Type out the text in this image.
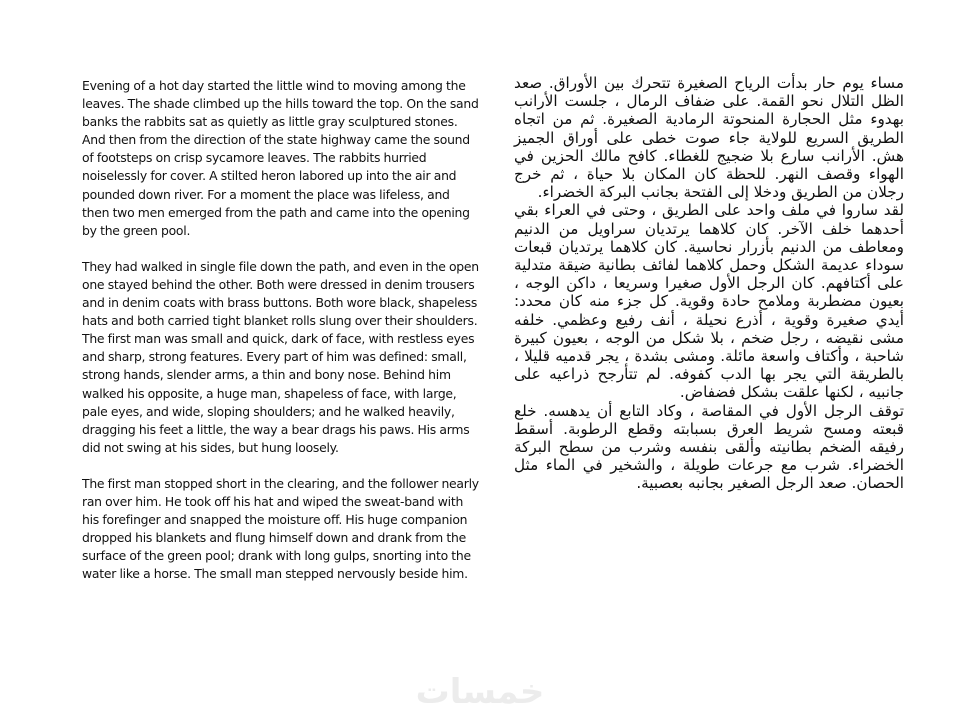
Evening of a hot day started the little wind to moving among the leaves. The shade climbed up the hills toward the top. On the sand banks the rabbits sat as quietly as little gray sculptured stones. And then from the direction of the state highway came the sound of footsteps on crisp sycamore leaves. The rabbits hurried noiselessly for cover. A stilted heron labored up into the air and pounded down river. For a moment the place was lifeless, and then two men emerged from the path and came into the opening by the green pool.

They had walked in single file down the path, and even in the open one stayed behind the other. Both were dressed in denim trousers and in denim coats with brass buttons. Both wore black, shapeless hats and both carried tight blanket rolls slung over their shoulders. The first man was small and quick, dark of face, with restless eyes and sharp, strong features. Every part of him was defined: small, strong hands, slender arms, a thin and bony nose. Behind him walked his opposite, a huge man, shapeless of face, with large, pale eyes, and wide, sloping shoulders; and he walked heavily, dragging his feet a little, the way a bear drags his paws. His arms did not swing at his sides, but hung loosely.

The first man stopped short in the clearing, and the follower nearly ran over him. He took off his hat and wiped the sweat-band with his forefinger and snapped the moisture off. His huge companion dropped his blankets and flung himself down and drank from the surface of the green pool; drank with long gulps, snorting into the water like a horse. The small man stepped nervously beside him.

مساء يوم حار بدأت الرياح الصغيرة تتحرك بين الأوراق. صعد الظل التلال نحو القمة. على ضفاف الرمال ، جلست الأرانب بهدوء مثل الحجارة المنحوتة الرمادية الصغيرة. ثم من اتجاه الطريق السريع للولاية جاء صوت خطى على أوراق الجميز هش. الأرانب سارع بلا ضجيج للغطاء. كافح مالك الحزين في الهواء وقصف النهر. للحظة كان المكان بلا حياة ، ثم خرج رجلان من الطريق ودخلا إلى الفتحة بجانب البركة الخضراء.

لقد ساروا في ملف واحد على الطريق ، وحتى في العراء بقي أحدهما خلف الآخر. كان كلاهما يرتديان سراويل من الدنيم ومعاطف من الدنيم بأزرار نحاسية. كان كلاهما يرتديان قبعات سوداء عديمة الشكل وحمل كلاهما لفائف بطانية ضيقة متدلية على أكتافهم. كان الرجل الأول صغيرا وسريعا ، داكن الوجه ، بعيون مضطربة وملامح حادة وقوية. كل جزء منه كان محدد: أيدي صغيرة وقوية ، أذرع نحيلة ، أنف رفيع وعظمي. خلفه مشى نقيضه ، رجل ضخم ، بلا شكل من الوجه ، بعيون كبيرة شاحبة ، وأكتاف واسعة مائلة. ومشى بشدة ، يجر قدميه قليلا ، بالطريقة التي يجر بها الدب كفوفه. لم تتأرجح ذراعيه على جانبيه ، لكنها علقت بشكل فضفاض.

توقف الرجل الأول في المقاصة ، وكاد التابع أن يدهسه. خلع قبعته ومسح شريط العرق بسبابته وقطع الرطوبة. أسقط رفيقه الضخم بطانيته وألقى بنفسه وشرب من سطح البركة الخضراء. شرب مع جرعات طويلة ، والشخير في الماء مثل الحصان. صعد الرجل الصغير بجانبه بعصبية.

خمسات
